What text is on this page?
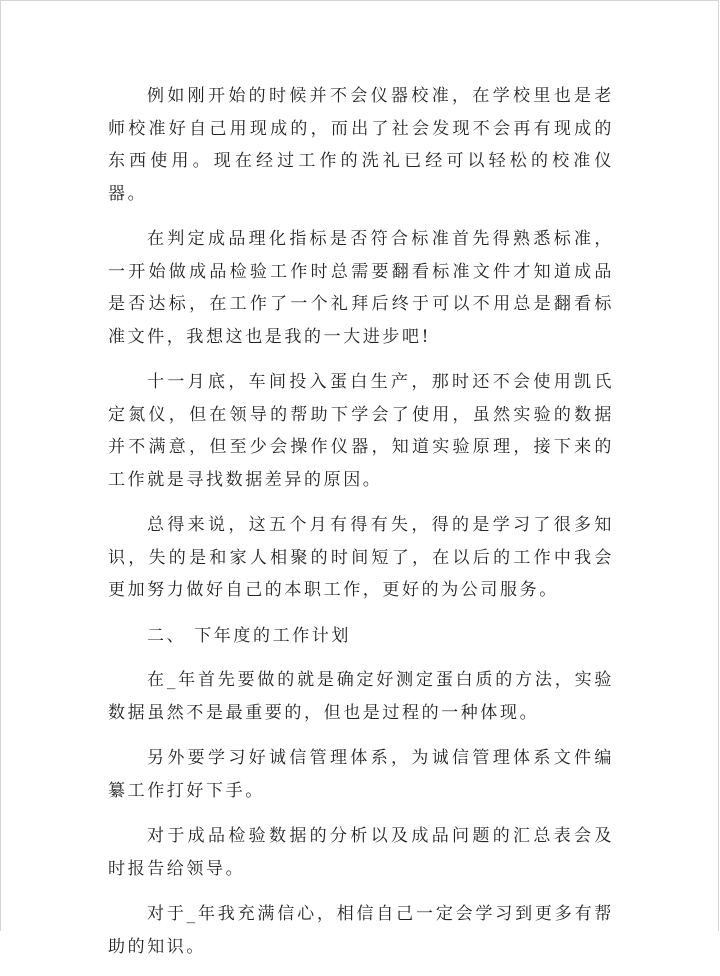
例如刚开始的时候并不会仪器校准，在学校里也是老师校准好自己用现成的，而出了社会发现不会再有现成的东西使用。现在经过工作的洗礼已经可以轻松的校准仪器。

在判定成品理化指标是否符合标准首先得熟悉标准，一开始做成品检验工作时总需要翻看标准文件才知道成品是否达标，在工作了一个礼拜后终于可以不用总是翻看标准文件，我想这也是我的一大进步吧!

十一月底，车间投入蛋白生产，那时还不会使用凯氏定氮仪，但在领导的帮助下学会了使用，虽然实验的数据并不满意，但至少会操作仪器，知道实验原理，接下来的工作就是寻找数据差异的原因。

总得来说，这五个月有得有失，得的是学习了很多知识，失的是和家人相聚的时间短了，在以后的工作中我会更加努力做好自己的本职工作，更好的为公司服务。

二、 下年度的工作计划

在_年首先要做的就是确定好测定蛋白质的方法，实验数据虽然不是最重要的，但也是过程的一种体现。

另外要学习好诚信管理体系，为诚信管理体系文件编纂工作打好下手。

对于成品检验数据的分析以及成品问题的汇总表会及时报告给领导。

对于_年我充满信心，相信自己一定会学习到更多有帮助的知识。
